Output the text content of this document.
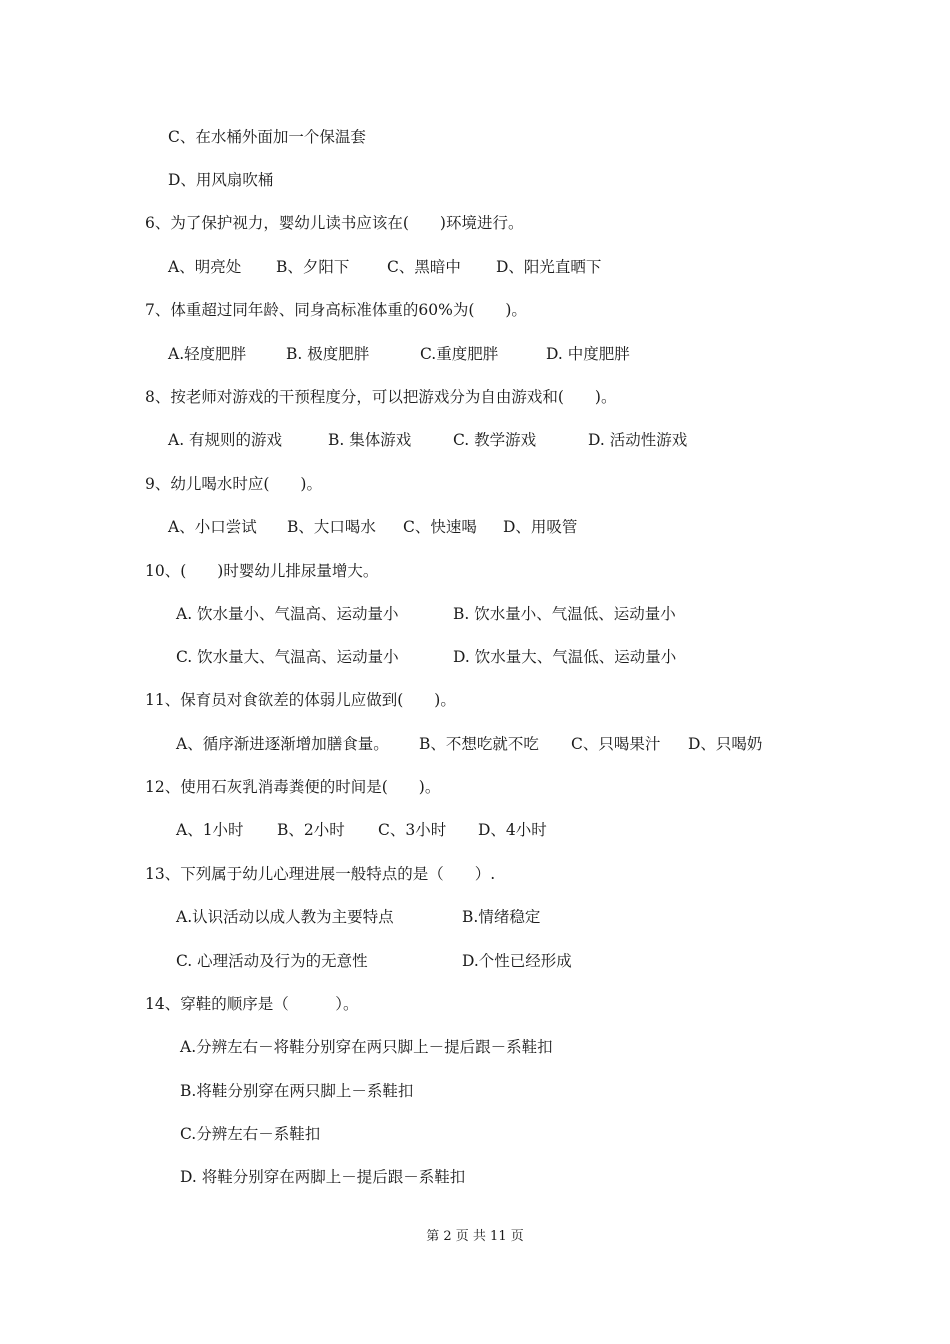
C、在水桶外面加一个保温套
D、用风扇吹桶
6、为了保护视力，婴幼儿读书应该在(　　)环境进行。

A、明亮处

B、夕阳下

C、黑暗中

D、阳光直晒下

7、体重超过同年龄、同身高标准体重的60%为(　　)。

A.轻度肥胖

	B. 极度肥胖

	C.重度肥胖

	D. 中度肥胖

8、按老师对游戏的干预程度分，可以把游戏分为自由游戏和(　　)。

A. 有规则的游戏

	B. 集体游戏

	C. 教学游戏

	D. 活动性游戏

9、幼儿喝水时应(　　)。

A、小口尝试

B、大口喝水

C、快速喝

D、用吸管

10、(　　)时婴幼儿排尿量增大。

A. 饮水量小、气温高、运动量小

	B. 饮水量小、气温低、运动量小

C. 饮水量大、气温高、运动量小

	D. 饮水量大、气温低、运动量小

11、保育员对食欲差的体弱儿应做到(　　)。

A、循序渐进逐渐增加膳食量。

B、不想吃就不吃

C、只喝果汁

D、只喝奶

12、使用石灰乳消毒粪便的时间是(　　)。

A、1小时

B、2小时

C、3小时

D、4小时

13、下列属于幼儿心理进展一般特点的是（　　）.

A.认识活动以成人教为主要特点

	B.情绪稳定

C. 心理活动及行为的无意性

	D.个性已经形成

14、穿鞋的顺序是（　　　）。
A.分辨左右－将鞋分别穿在两只脚上－提后跟－系鞋扣
B.将鞋分别穿在两只脚上－系鞋扣
C.分辨左右－系鞋扣
D. 将鞋分别穿在两脚上－提后跟－系鞋扣
第 2 页 共 11 页
